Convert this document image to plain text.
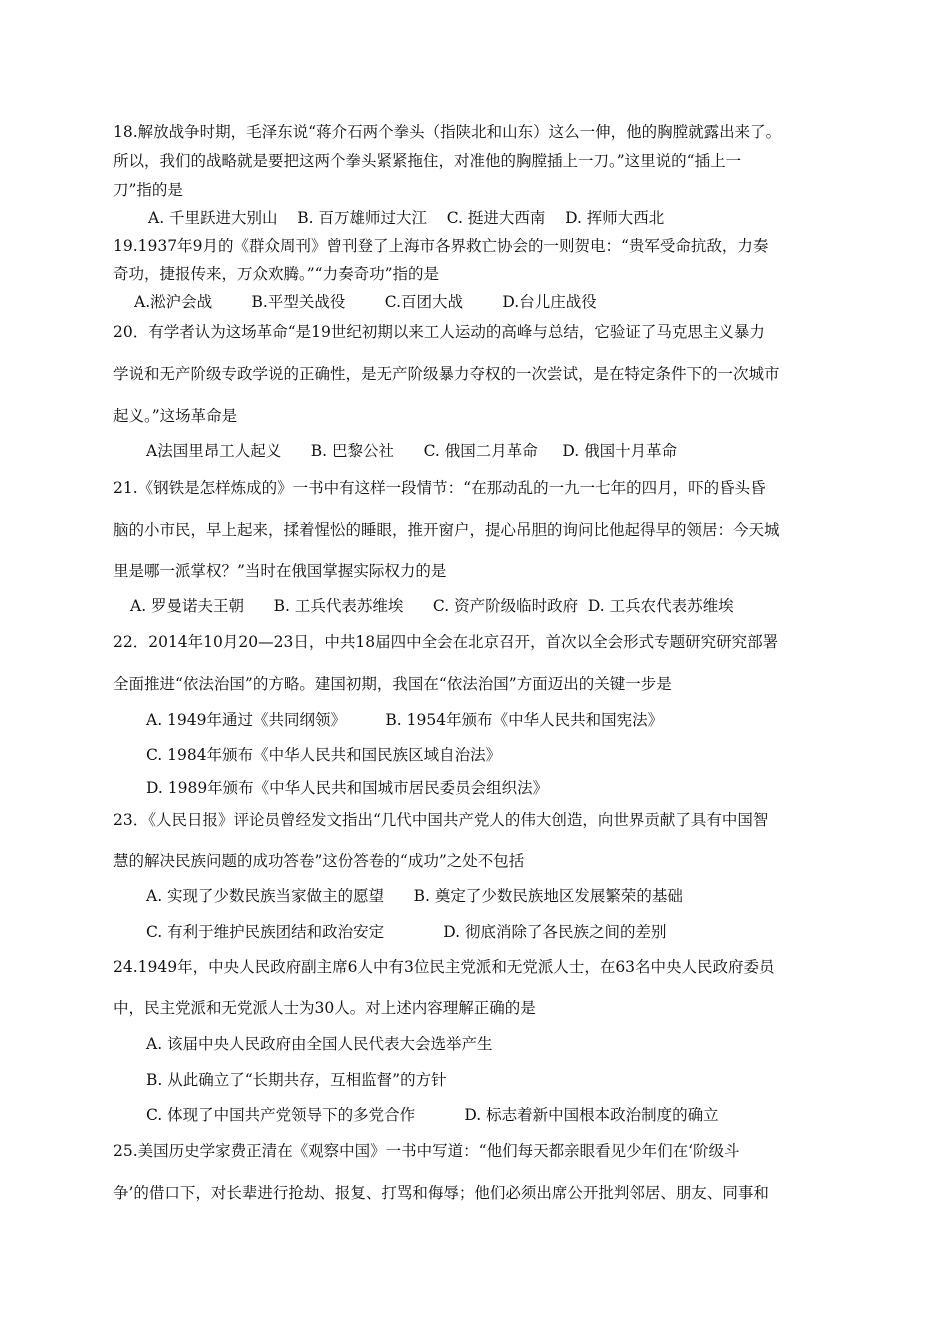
18.解放战争时期，毛泽东说“蒋介石两个拳头（指陕北和山东）这么一伸，他的胸膛就露出来了。
所以，我们的战略就是要把这两个拳头紧紧拖住，对准他的胸膛插上一刀。”这里说的“插上一
刀”指的是
A. 千里跃进大别山    B. 百万雄师过大江    C. 挺进大西南    D. 挥师大西北
19.1937年9月的《群众周刊》曾刊登了上海市各界救亡协会的一则贺电：“贵军受命抗敌，力奏
奇功，捷报传来，万众欢腾。”“力奏奇功”指的是
A.淞沪会战        B.平型关战役        C.百团大战        D.台儿庄战役
20．有学者认为这场革命“是19世纪初期以来工人运动的高峰与总结，它验证了马克思主义暴力
学说和无产阶级专政学说的正确性，是无产阶级暴力夺权的一次尝试，是在特定条件下的一次城市
起义。”这场革命是
A法国里昂工人起义      B. 巴黎公社      C. 俄国二月革命     D. 俄国十月革命
21.《钢铁是怎样炼成的》一书中有这样一段情节：“在那动乱的一九一七年的四月，吓的昏头昏
脑的小市民，早上起来，揉着惺忪的睡眼，推开窗户，提心吊胆的询问比他起得早的领居：今天城
里是哪一派掌权？”当时在俄国掌握实际权力的是
A. 罗曼诺夫王朝      B. 工兵代表苏维埃      C. 资产阶级临时政府  D. 工兵农代表苏维埃
22．2014年10月20—23日，中共18届四中全会在北京召开，首次以全会形式专题研究研究部署
全面推进“依法治国”的方略。建国初期，我国在“依法治国”方面迈出的关键一步是
A. 1949年通过《共同纲领》        B. 1954年颁布《中华人民共和国宪法》
C. 1984年颁布《中华人民共和国民族区域自治法》
D. 1989年颁布《中华人民共和国城市居民委员会组织法》
23．《人民日报》评论员曾经发文指出“几代中国共产党人的伟大创造，向世界贡献了具有中国智
慧的解决民族问题的成功答卷”这份答卷的“成功”之处不包括
A. 实现了少数民族当家做主的愿望      B. 奠定了少数民族地区发展繁荣的基础
C. 有利于维护民族团结和政治安定            D. 彻底消除了各民族之间的差别
24.1949年，中央人民政府副主席6人中有3位民主党派和无党派人士，在63名中央人民政府委员
中，民主党派和无党派人士为30人。对上述内容理解正确的是
A. 该届中央人民政府由全国人民代表大会选举产生
B. 从此确立了“长期共存，互相监督”的方针
C. 体现了中国共产党领导下的多党合作          D. 标志着新中国根本政治制度的确立
25.美国历史学家费正清在《观察中国》一书中写道：“他们每天都亲眼看见少年们在‘阶级斗
争’的借口下，对长辈进行抢劫、报复、打骂和侮辱；他们必须出席公开批判邻居、朋友、同事和
